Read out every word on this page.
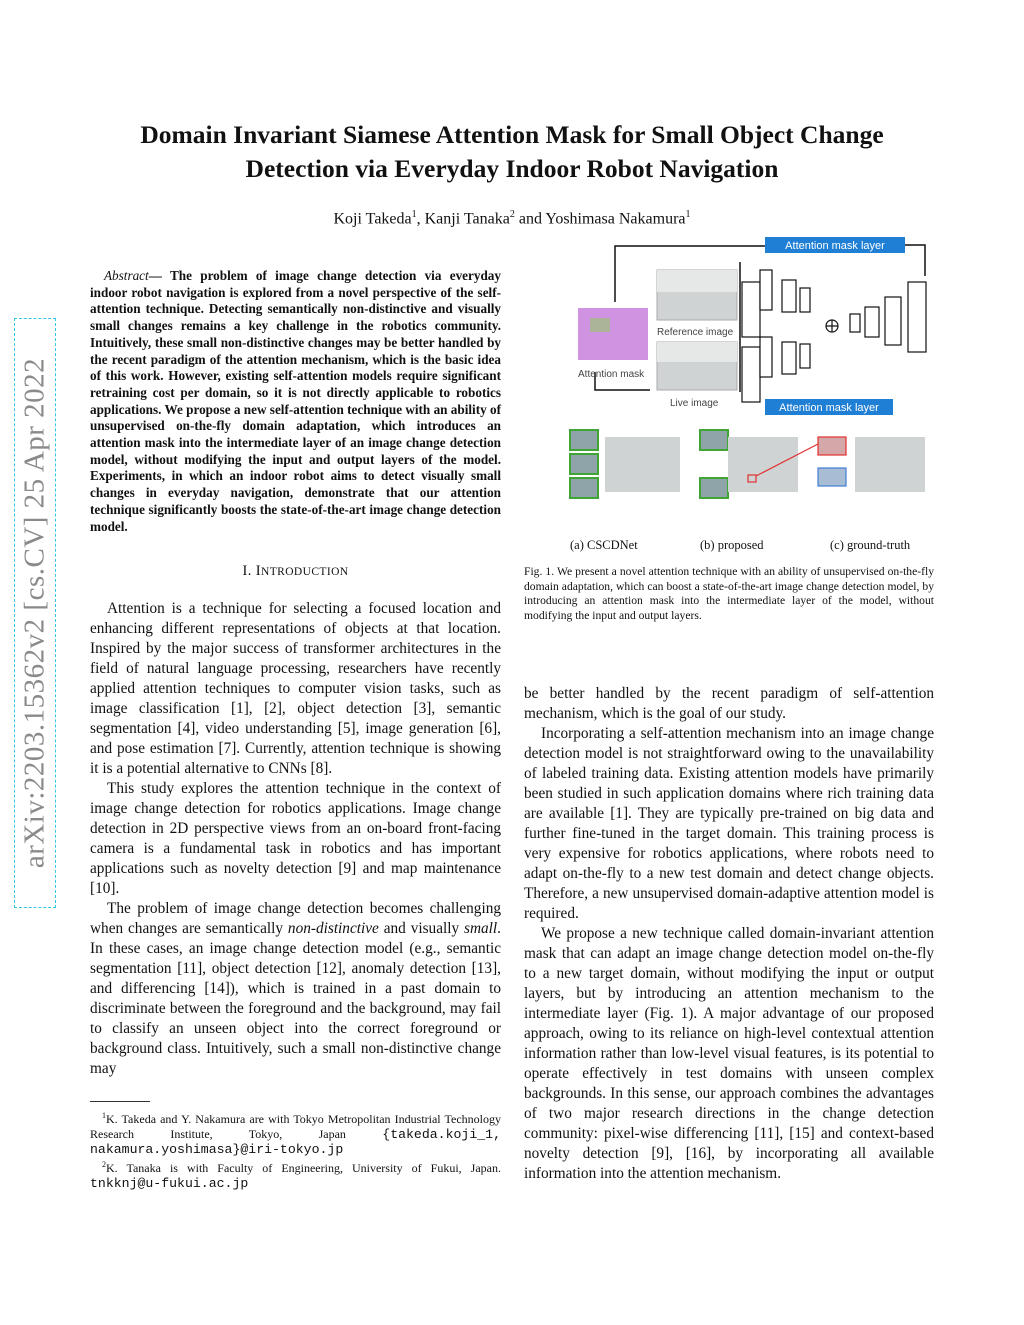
arXiv:2203.15362v2 [cs.CV] 25 Apr 2022
Domain Invariant Siamese Attention Mask for Small Object Change Detection via Everyday Indoor Robot Navigation
Koji Takeda$^1$, Kanji Tanaka$^2$ and Yoshimasa Nakamura$^1$

Abstract— The problem of image change detection via everyday indoor robot navigation is explored from a novel perspective of the self-attention technique. Detecting semantically non-distinctive and visually small changes remains a key challenge in the robotics community. Intuitively, these small non-distinctive changes may be better handled by the recent paradigm of the attention mechanism, which is the basic idea of this work. However, existing self-attention models require significant retraining cost per domain, so it is not directly applicable to robotics applications. We propose a new self-attention technique with an ability of unsupervised on-the-fly domain adaptation, which introduces an attention mask into the intermediate layer of an image change detection model, without modifying the input and output layers of the model. Experiments, in which an indoor robot aims to detect visually small changes in everyday navigation, demonstrate that our attention technique significantly boosts the state-of-the-art image change detection model.

I. INTRODUCTION

Attention is a technique for selecting a focused location and enhancing different representations of objects at that location. Inspired by the major success of transformer architectures in the field of natural language processing, researchers have recently applied attention techniques to computer vision tasks, such as image classification [1], [2], object detection [3], semantic segmentation [4], video understanding [5], image generation [6], and pose estimation [7]. Currently, attention technique is showing it is a potential alternative to CNNs [8].

This study explores the attention technique in the context of image change detection for robotics applications. Image change detection in 2D perspective views from an on-board front-facing camera is a fundamental task in robotics and has important applications such as novelty detection [9] and map maintenance [10].

The problem of image change detection becomes challenging when changes are semantically non-distinctive and visually small. In these cases, an image change detection model (e.g., semantic segmentation [11], object detection [12], anomaly detection [13], and differencing [14]), which is trained in a past domain to discriminate between the foreground and the background, may fail to classify an unseen object into the correct foreground or background class. Intuitively, such a small non-distinctive change may

$^1$K. Takeda and Y. Nakamura are with Tokyo Metropolitan Industrial Technology Research Institute, Tokyo, Japan {takeda.koji_1, nakamura.yoshimasa}@iri-tokyo.jp

$^2$K. Tanaka is with Faculty of Engineering, University of Fukui, Japan. tnkknj@u-fukui.ac.jp

Attention mask layer
Reference image
Live image
Attention mask
Attention mask layer
(a) CSCDNet	(b) proposed	(c) ground-truth
Fig. 1. We present a novel attention technique with an ability of unsupervised on-the-fly domain adaptation, which can boost a state-of-the-art image change detection model, by introducing an attention mask into the intermediate layer of the model, without modifying the input and output layers.

be better handled by the recent paradigm of self-attention mechanism, which is the goal of our study.

Incorporating a self-attention mechanism into an image change detection model is not straightforward owing to the unavailability of labeled training data. Existing attention models have primarily been studied in such application domains where rich training data are available [1]. They are typically pre-trained on big data and further fine-tuned in the target domain. This training process is very expensive for robotics applications, where robots need to adapt on-the-fly to a new test domain and detect change objects. Therefore, a new unsupervised domain-adaptive attention model is required.

We propose a new technique called domain-invariant attention mask that can adapt an image change detection model on-the-fly to a new target domain, without modifying the input or output layers, but by introducing an attention mechanism to the intermediate layer (Fig. 1). A major advantage of our proposed approach, owing to its reliance on high-level contextual attention information rather than low-level visual features, is its potential to operate effectively in test domains with unseen complex backgrounds. In this sense, our approach combines the advantages of two major research directions in the change detection community: pixel-wise differencing [11], [15] and context-based novelty detection [9], [16], by incorporating all available information into the attention mechanism.
